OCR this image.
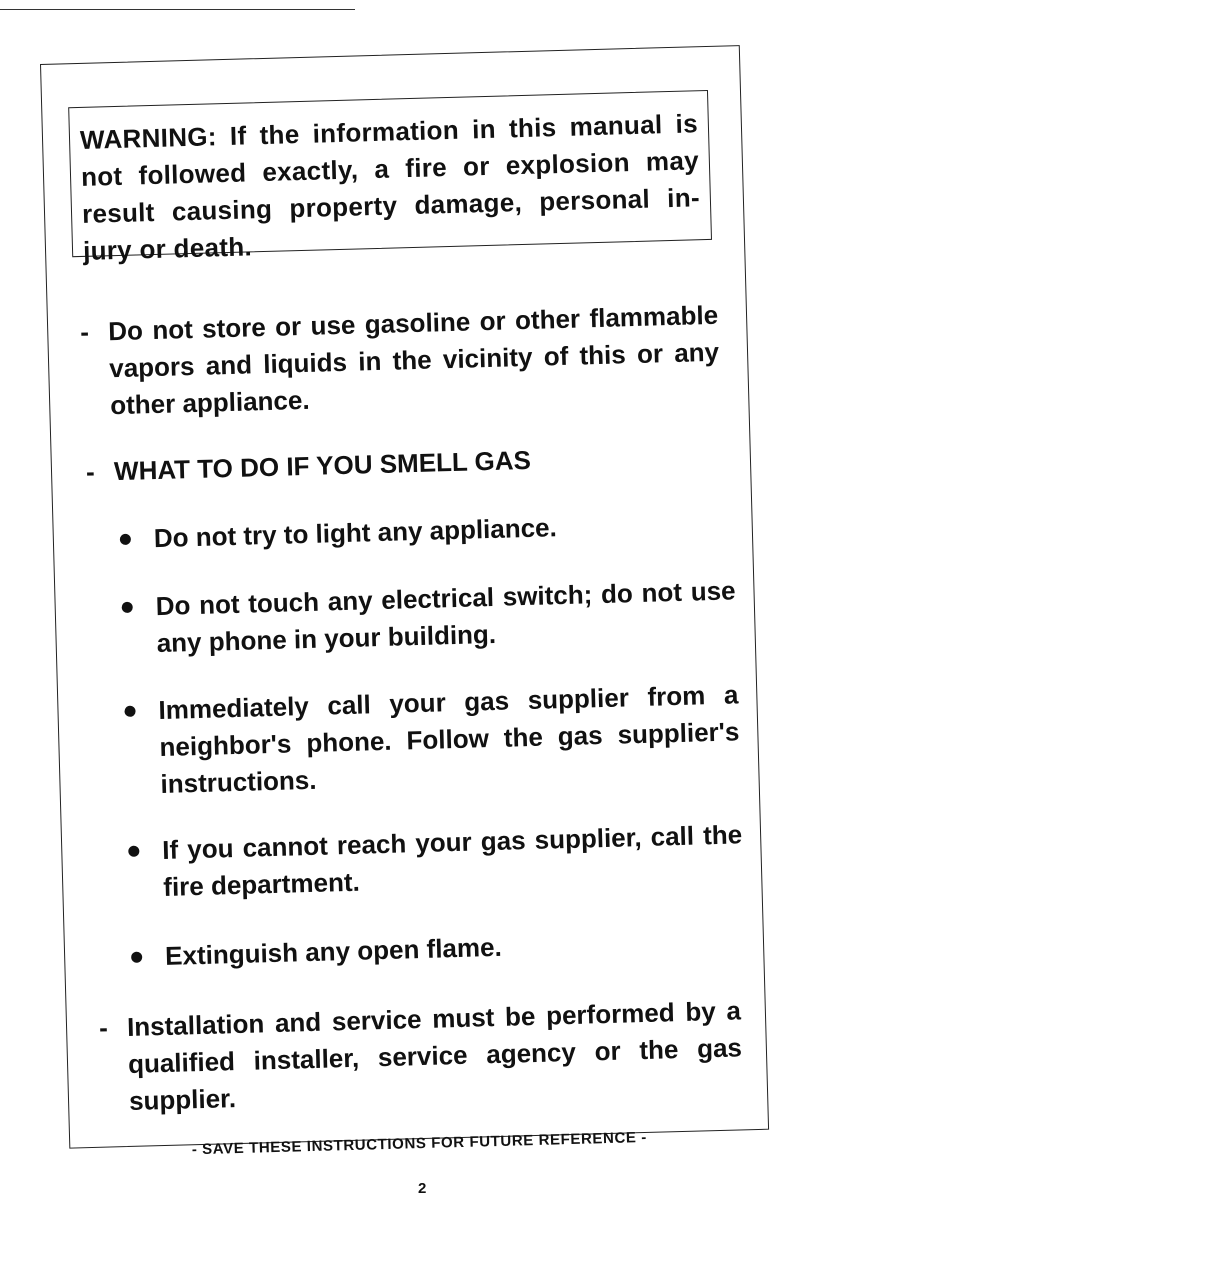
WARNING: If the information in this manual is not followed exactly, a fire or explosion may result causing property damage, personal in-jury or death.

- Do not store or use gasoline or other flammable vapors and liquids in the vicinity of this or any other appliance.
- WHAT TO DO IF YOU SMELL GAS
Do not try to light any appliance.
Do not touch any electrical switch; do not use any phone in your building.
Immediately call your gas supplier from a neighbor's phone. Follow the gas supplier's instructions.
If you cannot reach your gas supplier, call the fire department.
Extinguish any open flame.
- Installation and service must be performed by a qualified installer, service agency or the gas supplier.
- SAVE THESE INSTRUCTIONS FOR FUTURE REFERENCE -
2
